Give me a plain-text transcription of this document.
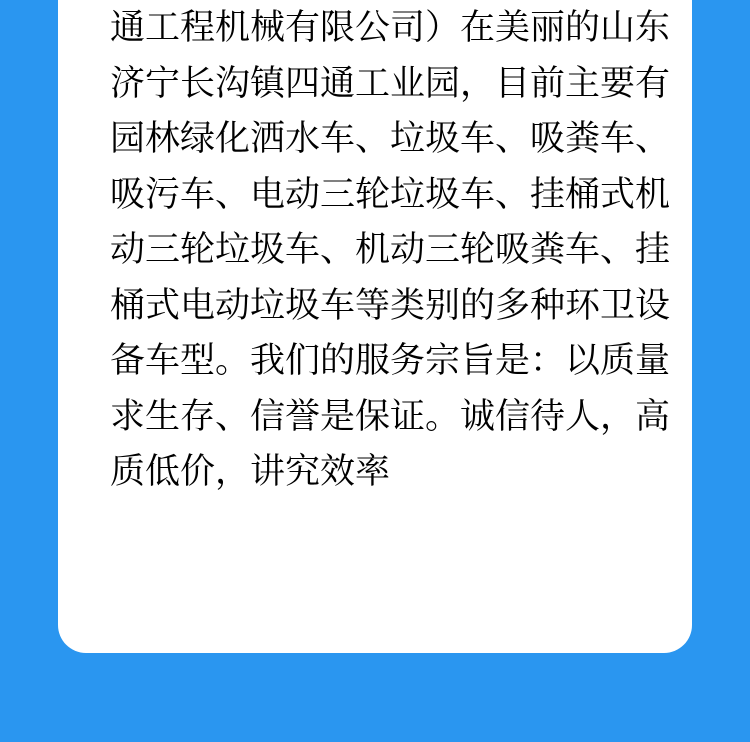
通工程机械有限公司）在美丽的山东
济宁长沟镇四通工业园，目前主要有
园林绿化洒水车、垃圾车、吸粪车、
吸污车、电动三轮垃圾车、挂桶式机
动三轮垃圾车、机动三轮吸粪车、挂
桶式电动垃圾车等类别的多种环卫设
备车型。我们的服务宗旨是：以质量
求生存、信誉是保证。诚信待人，高
质低价，讲究效率
